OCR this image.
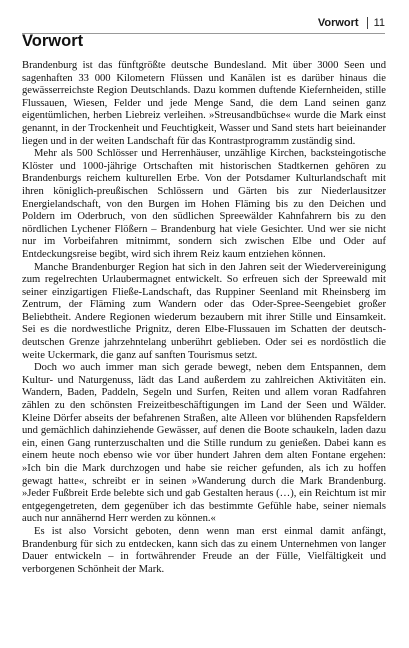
Vorwort 11
Vorwort

Brandenburg ist das fünftgrößte deutsche Bundesland. Mit über 3000 Seen und sagenhaften 33 000 Kilometern Flüssen und Kanälen ist es darüber hinaus die gewässerreichste Region Deutschlands. Dazu kommen duftende Kiefernheiden, stille Flussauen, Wiesen, Felder und jede Menge Sand, die dem Land seinen ganz eigentümlichen, herben Liebreiz verleihen. »Streusandbüchse« wurde die Mark einst genannt, in der Trockenheit und Feuchtigkeit, Wasser und Sand stets hart beieinander liegen und in der weiten Landschaft für das Kontrastprogramm zuständig sind.

Mehr als 500 Schlösser und Herrenhäuser, unzählige Kirchen, backsteingotische Klöster und 1000-jährige Ortschaften mit historischen Stadtkernen gehören zu Brandenburgs reichem kulturellen Erbe. Von der Potsdamer Kulturlandschaft mit ihren königlich-preußischen Schlössern und Gärten bis zur Niederlausitzer Energielandschaft, von den Burgen im Hohen Fläming bis zu den Deichen und Poldern im Oderbruch, von den südlichen Spreewälder Kahnfahrern bis zu den nördlichen Lychener Flößern – Brandenburg hat viele Gesichter. Und wer sie nicht nur im Vorbeifahren mitnimmt, sondern sich zwischen Elbe und Oder auf Entdeckungsreise begibt, wird sich ihrem Reiz kaum entziehen können.

Manche Brandenburger Region hat sich in den Jahren seit der Wiedervereinigung zum regelrechten Urlaubermagnet entwickelt. So erfreuen sich der Spreewald mit seiner einzigartigen Fließe-Landschaft, das Ruppiner Seenland mit Rheinsberg im Zentrum, der Fläming zum Wandern oder das Oder-Spree-Seengebiet großer Beliebtheit. Andere Regionen wiederum bezaubern mit ihrer Stille und Einsamkeit. Sei es die nordwestliche Prignitz, deren Elbe-Flussauen im Schatten der deutsch-deutschen Grenze jahrzehntelang unberührt geblieben. Oder sei es nordöstlich die weite Uckermark, die ganz auf sanften Tourismus setzt.

Doch wo auch immer man sich gerade bewegt, neben dem Entspannen, dem Kultur- und Naturgenuss, lädt das Land außerdem zu zahlreichen Aktivitäten ein. Wandern, Baden, Paddeln, Segeln und Surfen, Reiten und allem voran Radfahren zählen zu den schönsten Freizeitbeschäftigungen im Land der Seen und Wälder. Kleine Dörfer abseits der befahrenen Straßen, alte Alleen vor blühenden Rapsfeldern und gemächlich dahinziehende Gewässer, auf denen die Boote schaukeln, laden dazu ein, einen Gang runterzuschalten und die Stille rundum zu genießen. Dabei kann es einem heute noch ebenso wie vor über hundert Jahren dem alten Fontane ergehen: »Ich bin die Mark durchzogen und habe sie reicher gefunden, als ich zu hoffen gewagt hatte«, schreibt er in seinen »Wanderung durch die Mark Brandenburg. »Jeder Fußbreit Erde belebte sich und gab Gestalten heraus (…), ein Reichtum ist mir entgegengetreten, dem gegenüber ich das bestimmte Gefühle habe, seiner niemals auch nur annähernd Herr werden zu können.«

Es ist also Vorsicht geboten, denn wenn man erst einmal damit anfängt, Brandenburg für sich zu entdecken, kann sich das zu einem Unternehmen von langer Dauer entwickeln – in fortwährender Freude an der Fülle, Vielfältigkeit und verborgenen Schönheit der Mark.
